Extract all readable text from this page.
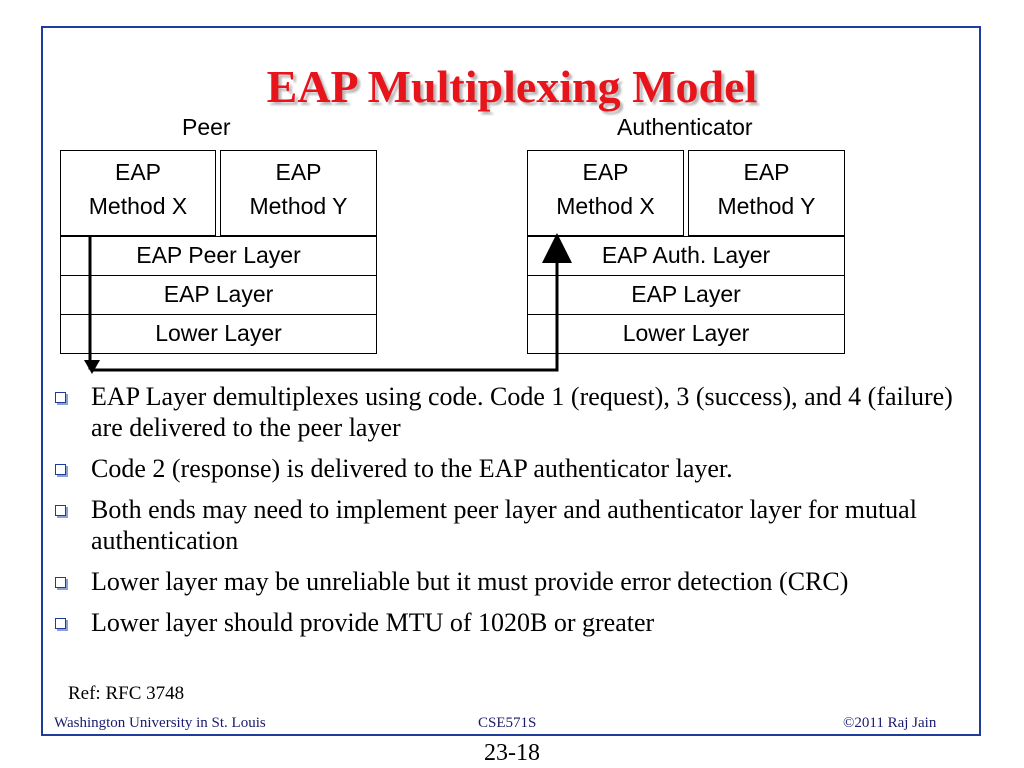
EAP Multiplexing Model
Peer	Authenticator
EAP
Method X
EAP
Method Y
EAP Peer Layer
EAP Layer
Lower Layer
EAP
Method X
EAP
Method Y
EAP Auth. Layer
EAP Layer
Lower Layer
EAP Layer demultiplexes using code. Code 1 (request), 3 (success), and 4 (failure) are delivered to the peer layer
Code 2 (response) is delivered to the EAP authenticator layer.
Both ends may need to implement peer layer and authenticator layer for mutual authentication
Lower layer may be unreliable but it must provide error detection (CRC)
Lower layer should provide MTU of 1020B or greater
Ref: RFC 3748
Washington University in St. Louis	CSE571S	©2011 Raj Jain
23-18
